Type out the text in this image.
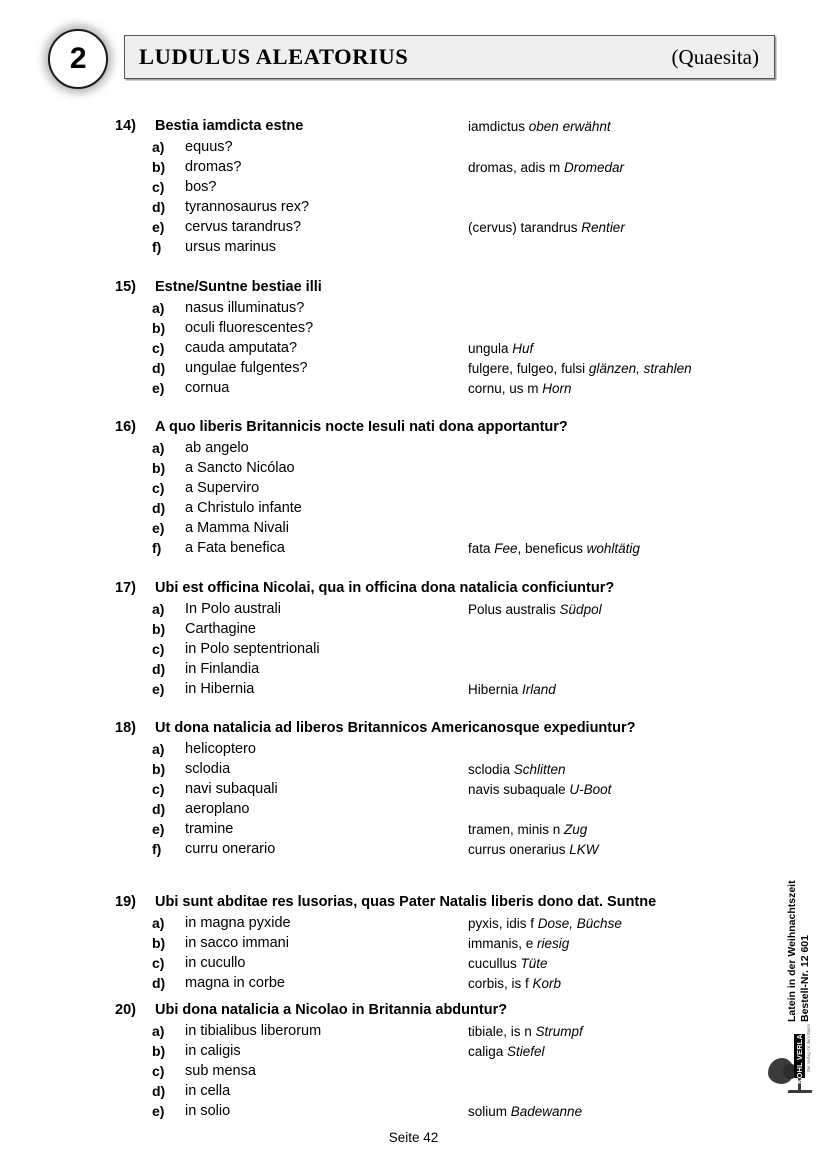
2 LUDULUS ALEATORIUS	(Quaesita)
14) Bestia iamdicta estne	iamdictus oben erwähnt
a) equus?
b) dromas?	dromas, adis m Dromedar
c) bos?
d) tyrannosaurus rex?
e) cervus tarandrus?	(cervus) tarandrus Rentier
f) ursus marinus
15) Estne/Suntne bestiae illi
a) nasus illuminatus?
b) oculi fluorescentes?
c) cauda amputata?	ungula Huf
d) ungulae fulgentes?	fulgere, fulgeo, fulsi glänzen, strahlen
e) cornua	cornu, us m Horn
16) A quo liberis Britannicis nocte Iesuli nati dona apportantur?
a) ab angelo
b) a Sancto Nicólao
c) a Superviro
d) a Christulo infante
e) a Mamma Nivali
f) a Fata benefica	fata Fee, beneficus wohltätig
17) Ubi est officina Nicolai, qua in officina dona natalicia conficiuntur?
a) In Polo australi	Polus australis Südpol
b) Carthagine
c) in Polo septentrionali
d) in Finlandia
e) in Hibernia	Hibernia Irland
18) Ut dona natalicia ad liberos Britannicos Americanosque expediuntur?
a) helicoptero
b) sclodia	sclodia Schlitten
c) navi subaquali	navis subaquale U-Boot
d) aeroplano
e) tramine	tramen, minis n Zug
f) curru onerario	currus onerarius LKW
19) Ubi sunt abditae res lusorias, quas Pater Natalis liberis dono dat. Suntne
a) in magna pyxide	pyxis, idis f Dose, Büchse
b) in sacco immani	immanis, e riesig
c) in cucullo	cucullus Tüte
d) magna in corbe	corbis, is f Korb
20) Ubi dona natalicia a Nicolao in Britannia abduntur?
a) in tibialibus liberorum	tibiale, is n Strumpf
b) in caligis	caliga Stiefel
c) sub mensa
d) in cella
e) in solio	solium Badewanne
Seite 42
Latein in der Weihnachtszeit Bestell-Nr. 12 601
KOHL VERLAG Der Verlag mit dem Baum
